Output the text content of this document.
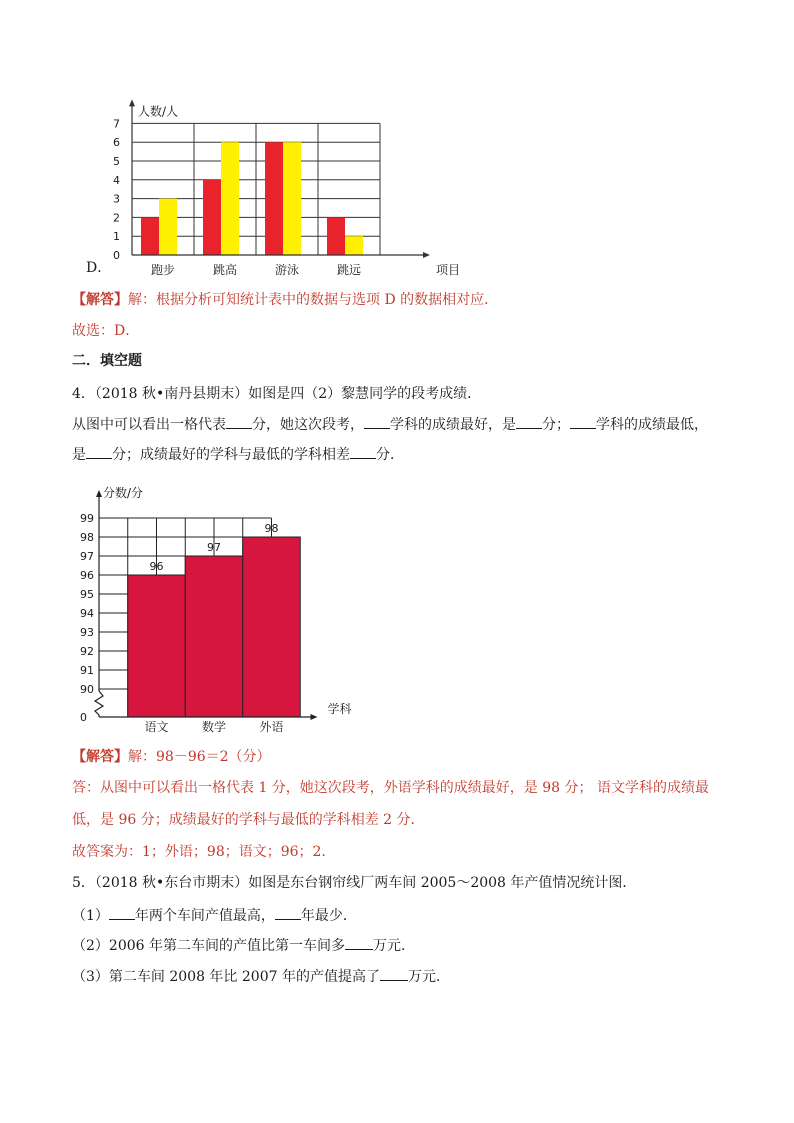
跑步	跳高	游泳	跳远
0
1
2
3
4
5
6
7
人数/人
项目
D．
【解答】解：根据分析可知统计表中的数据与选项 D 的数据相对应．
故选：D．
二．填空题
4．（2018 秋•南丹县期末）如图是四（2）黎慧同学的段考成绩．
从图中可以看出一格代表 分，她这次段考， 学科的成绩最好，是 分； 学科的成绩最低，
是 分；成绩最好的学科与最低的学科相差 分．
96
语文
97
数学
98
外语
90
91
92
93
94
95
96
97
98
99
0
分数/分
学科
【解答】解：98－96＝2（分）
答：从图中可以看出一格代表 1 分，她这次段考，外语学科的成绩最好，是 98 分； 语文学科的成绩最
低，是 96 分；成绩最好的学科与最低的学科相差 2 分．
故答案为：1；外语；98；语文；96；2．
5．（2018 秋•东台市期末）如图是东台钢帘线厂两车间 2005～2008 年产值情况统计图．
（1） 年两个车间产值最高， 年最少．
（2）2006 年第二车间的产值比第一车间多 万元．
（3）第二车间 2008 年比 2007 年的产值提高了 万元．
